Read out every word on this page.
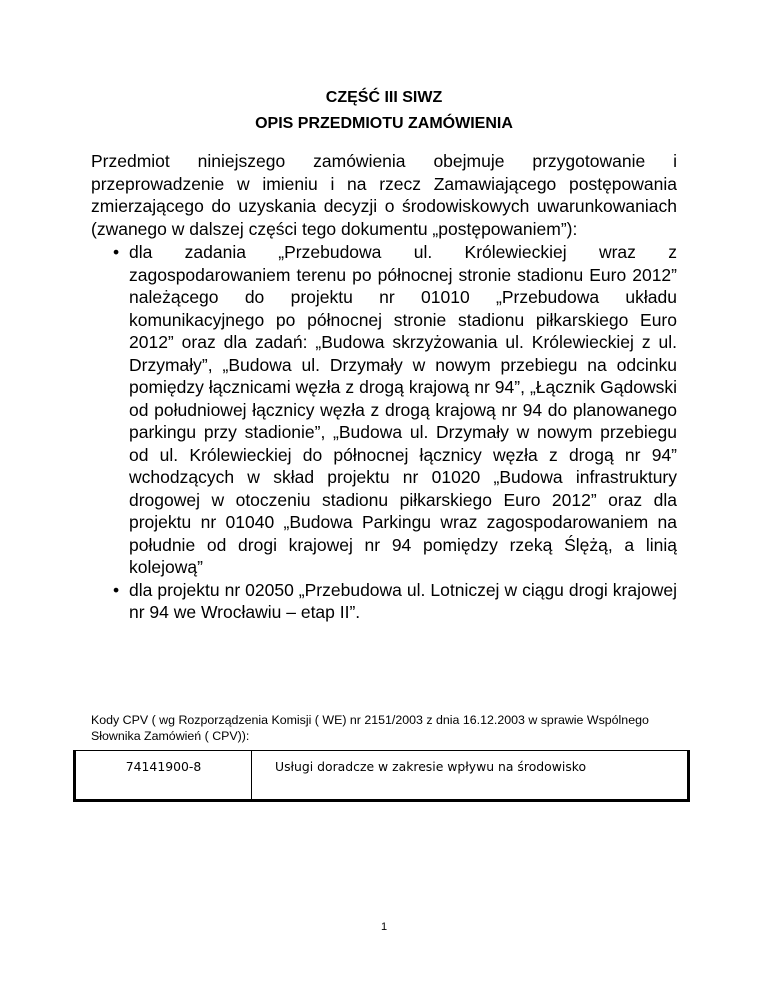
CZĘŚĆ III SIWZ
OPIS PRZEDMIOTU ZAMÓWIENIA
Przedmiot niniejszego zamówienia obejmuje przygotowanie i przeprowadzenie w imieniu i na rzecz Zamawiającego postępowania zmierzającego do uzyskania decyzji o środowiskowych uwarunkowaniach (zwanego w dalszej części tego dokumentu „postępowaniem”):
• dla zadania „Przebudowa ul. Królewieckiej wraz z zagospodarowaniem terenu po północnej stronie stadionu Euro 2012” należącego do projektu nr 01010 „Przebudowa układu komunikacyjnego po północnej stronie stadionu piłkarskiego Euro 2012” oraz dla zadań: „Budowa skrzyżowania ul. Królewieckiej z ul. Drzymały”, „Budowa ul. Drzymały w nowym przebiegu na odcinku pomiędzy łącznicami węzła z drogą krajową nr 94”, „Łącznik Gądowski od południowej łącznicy węzła z drogą krajową nr 94 do planowanego parkingu przy stadionie”, „Budowa ul. Drzymały w nowym przebiegu od ul. Królewieckiej do północnej łącznicy węzła z drogą nr 94” wchodzących w skład projektu nr 01020 „Budowa infrastruktury drogowej w otoczeniu stadionu piłkarskiego Euro 2012” oraz dla projektu nr 01040 „Budowa Parkingu wraz zagospodarowaniem na południe od drogi krajowej nr 94 pomiędzy rzeką Ślężą, a linią kolejową”
• dla projektu nr 02050 „Przebudowa ul. Lotniczej w ciągu drogi krajowej nr 94 we Wrocławiu – etap II”.
Kody CPV ( wg Rozporządzenia Komisji ( WE) nr 2151/2003 z dnia 16.12.2003 w sprawie Wspólnego Słownika Zamówień ( CPV)):
74141900-8	Usługi doradcze w zakresie wpływu na środowisko
1
